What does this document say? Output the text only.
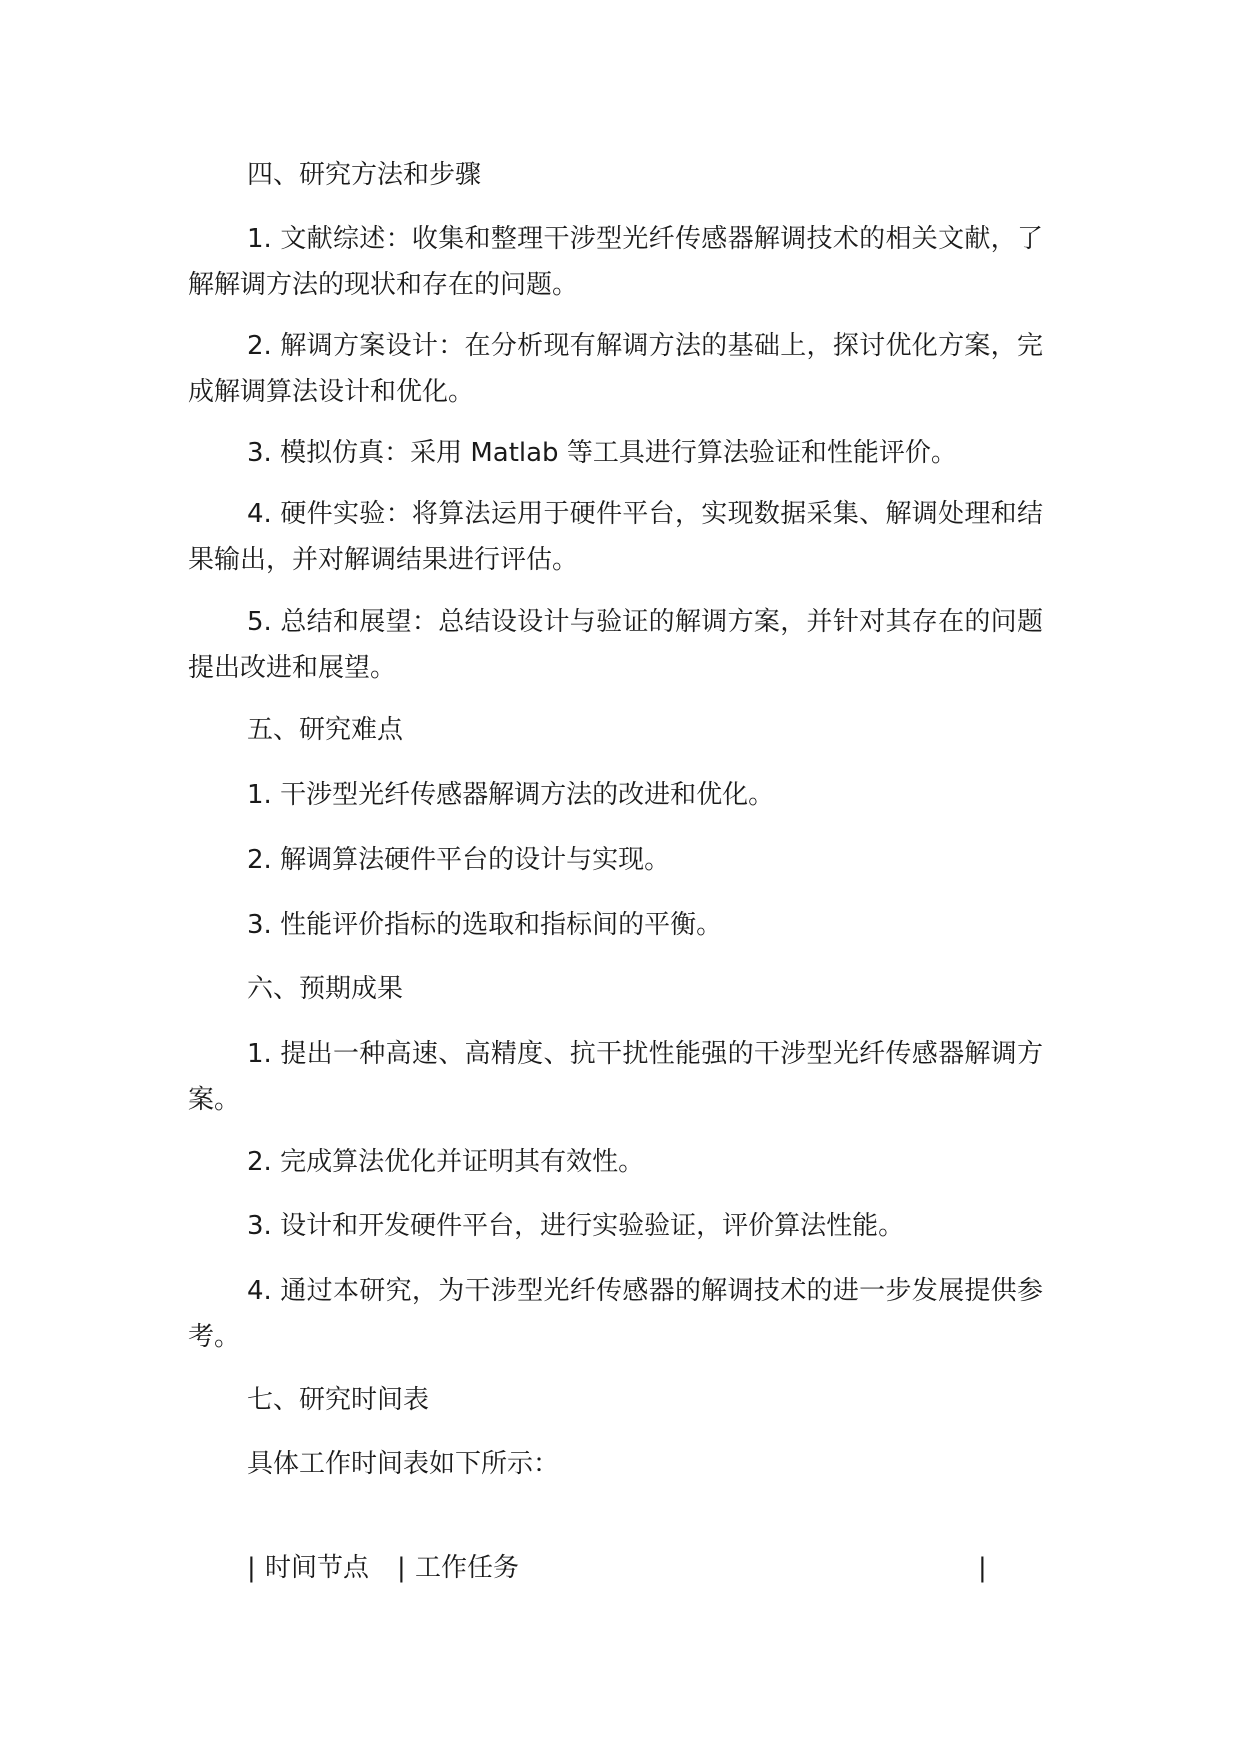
四、研究方法和步骤

1. 文献综述：收集和整理干涉型光纤传感器解调技术的相关文献，了解解调方法的现状和存在的问题。

2. 解调方案设计：在分析现有解调方法的基础上，探讨优化方案，完成解调算法设计和优化。

3. 模拟仿真：采用 Matlab 等工具进行算法验证和性能评价。

4. 硬件实验：将算法运用于硬件平台，实现数据采集、解调处理和结果输出，并对解调结果进行评估。

5. 总结和展望：总结设设计与验证的解调方案，并针对其存在的问题提出改进和展望。

五、研究难点

1. 干涉型光纤传感器解调方法的改进和优化。

2. 解调算法硬件平台的设计与实现。

3. 性能评价指标的选取和指标间的平衡。

六、预期成果

1. 提出一种高速、高精度、抗干扰性能强的干涉型光纤传感器解调方案。

2. 完成算法优化并证明其有效性。

3. 设计和开发硬件平台，进行实验验证，评价算法性能。

4. 通过本研究，为干涉型光纤传感器的解调技术的进一步发展提供参考。

七、研究时间表

具体工作时间表如下所示：

| 时间节点 | 工作任务	|
